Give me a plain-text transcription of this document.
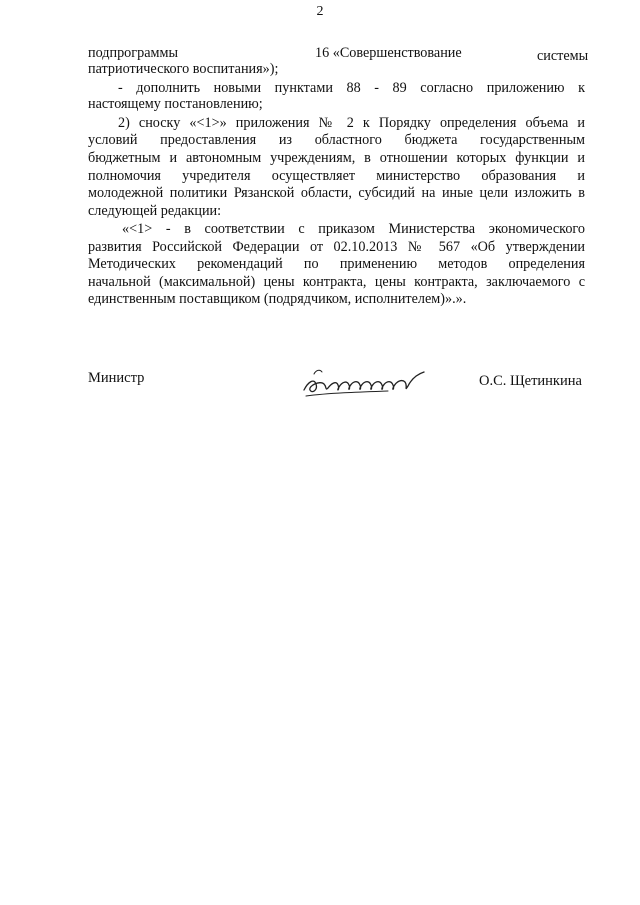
2
подпрограммы	16 «Совершенствование	системы
патриотического воспитания»);
- дополнить новыми пунктами 88 - 89 согласно приложению к
настоящему постановлению;
2) сноску «<1>» приложения № 2 к Порядку определения объема и
условий предоставления из областного бюджета государственным
бюджетным и автономным учреждениям, в отношении которых функции и
полномочия учредителя осуществляет министерство образования и
молодежной политики Рязанской области, субсидий на иные цели изложить в
следующей редакции:
«<1> - в соответствии с приказом Министерства экономического
развития Российской Федерации от 02.10.2013 № 567 «Об утверждении
Методических рекомендаций по применению методов определения
начальной (максимальной) цены контракта, цены контракта, заключаемого с
единственным поставщиком (подрядчиком, исполнителем)».».
Министр	О.С. Щетинкина
